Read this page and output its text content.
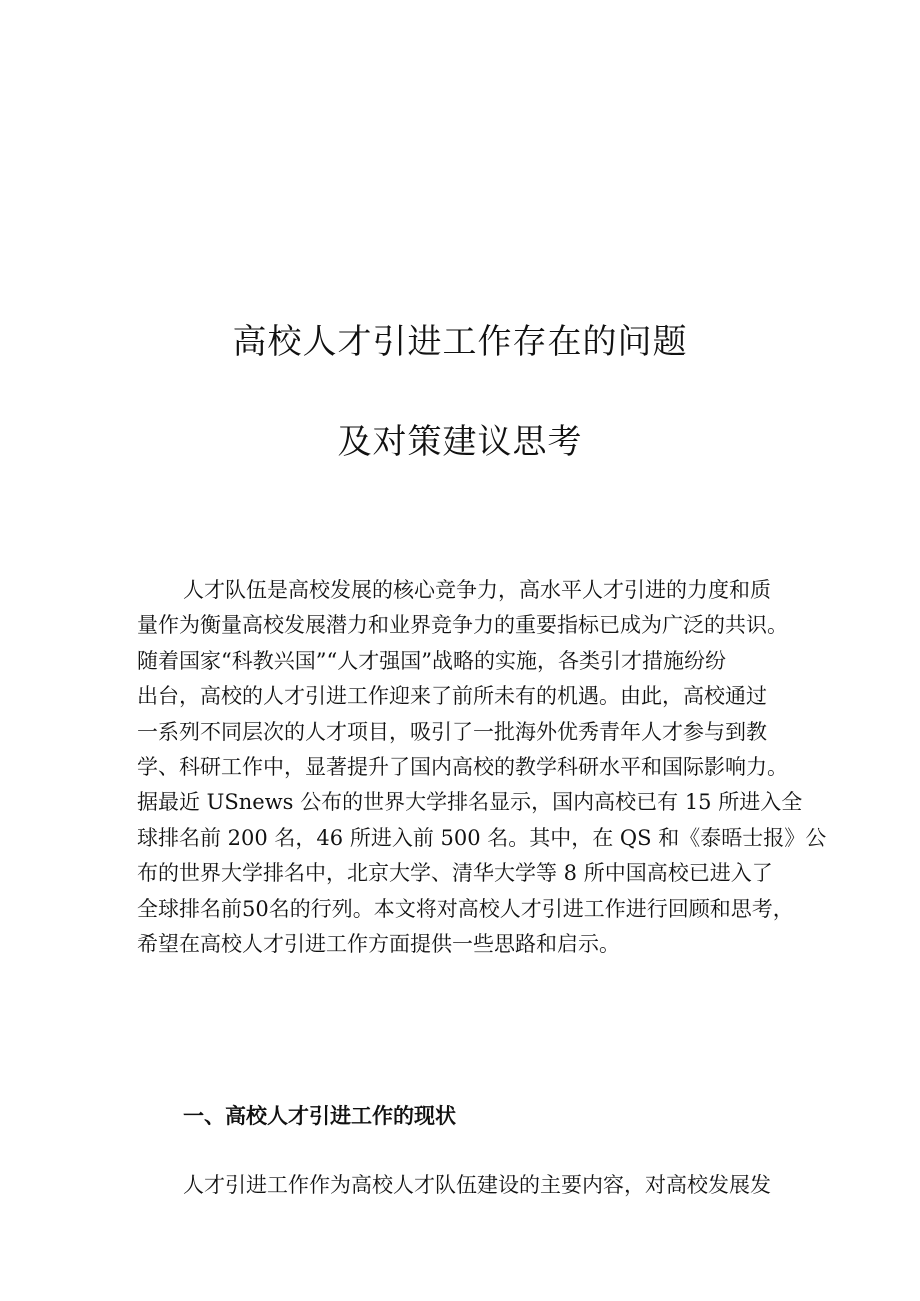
高校人才引进工作存在的问题
及对策建议思考
人才队伍是高校发展的核心竞争力，高水平人才引进的力度和质
量作为衡量高校发展潜力和业界竞争力的重要指标已成为广泛的共识。
随着国家“科教兴国”“人才强国”战略的实施，各类引才措施纷纷
出台，高校的人才引进工作迎来了前所未有的机遇。由此，高校通过
一系列不同层次的人才项目，吸引了一批海外优秀青年人才参与到教
学、科研工作中，显著提升了国内高校的教学科研水平和国际影响力。
据最近 USnews 公布的世界大学排名显示，国内高校已有 15 所进入全
球排名前 200 名，46 所进入前 500 名。其中，在 QS 和《泰晤士报》公
布的世界大学排名中，北京大学、清华大学等 8 所中国高校已进入了
全球排名前50名的行列。本文将对高校人才引进工作进行回顾和思考，
希望在高校人才引进工作方面提供一些思路和启示。
一、高校人才引进工作的现状
人才引进工作作为高校人才队伍建设的主要内容，对高校发展发
